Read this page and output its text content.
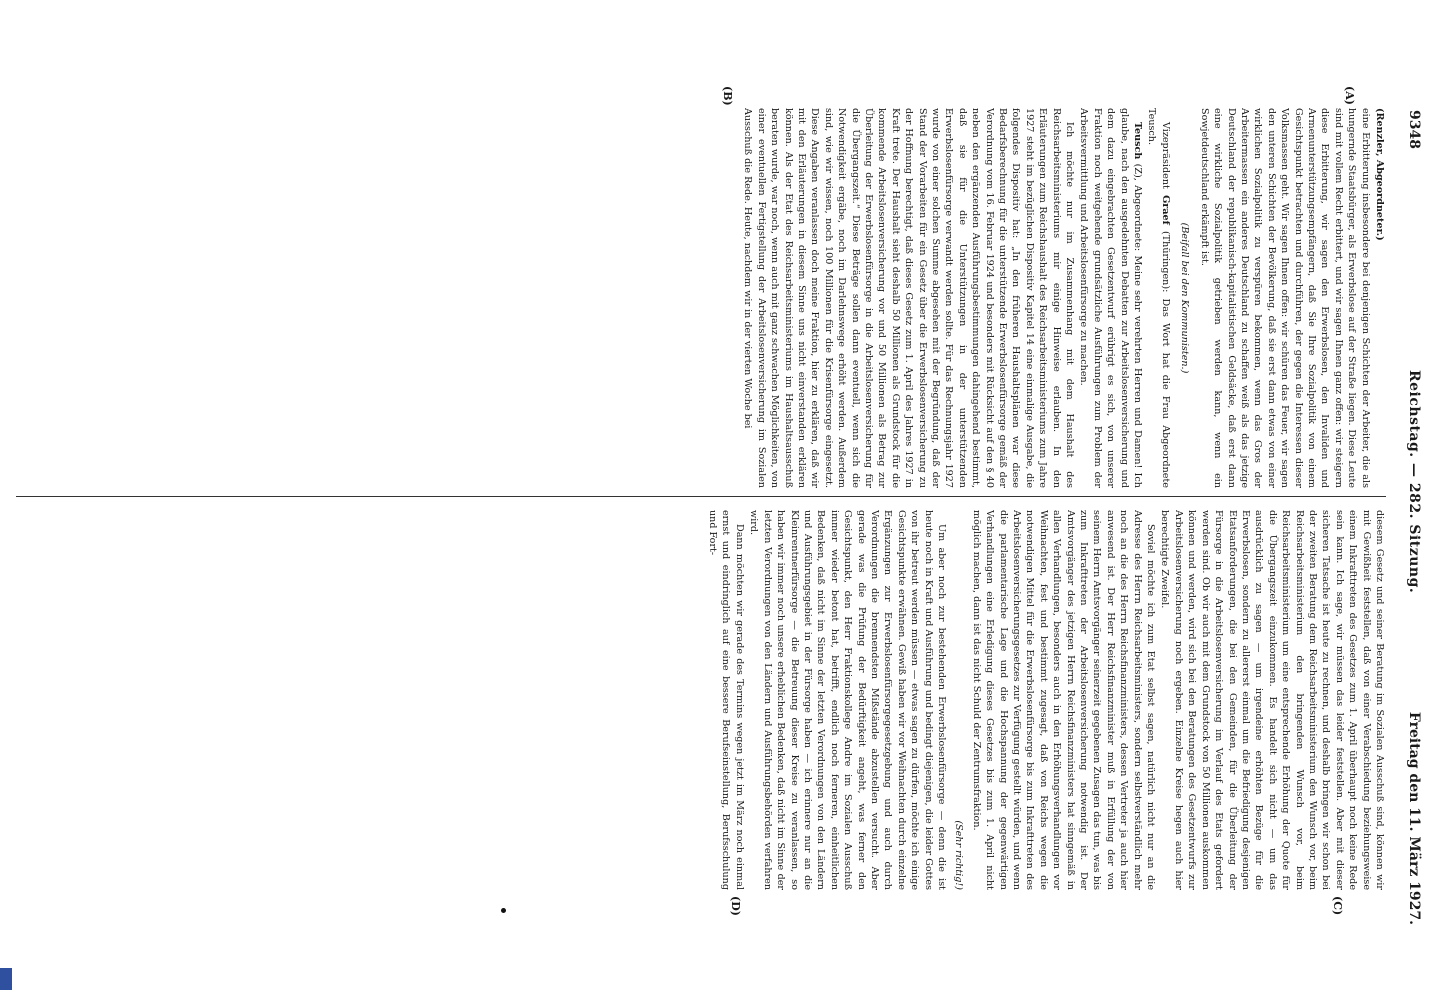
9348
Reichstag. — 282. Sitzung.
Freitag den 11. März 1927.
(A)
(B)
(C)
(D)

(Renzler, Abgeordneter.)

eine Erbitterung insbesondere bei denjenigen Schichten der Arbeiter, die als hungernde Staatsbürger, als Erwerbslose auf der Straße liegen. Diese Leute sind mit vollem Recht erbittert, und wir sagen Ihnen ganz offen: wir steigern diese Erbitterung, wir sagen den Erwerbslosen, den Invaliden und Armenunterstützungsempfängern, daß Sie Ihre Sozialpolitik von einem Gesichtspunkt betrachten und durchführen, der gegen die Interessen dieser Volksmassen geht. Wir sagen Ihnen offen: wir schüren das Feuer, wir sagen den unteren Schichten der Bevölkerung, daß sie erst dann etwas von einer wirklichen Sozialpolitik zu verspüren bekommen, wenn das Gros der Arbeitermassen ein anderes Deutschland zu schaffen weiß als das jetzige Deutschland der republikanisch-kapitalistischen Geldsäcke, daß erst dann eine wirkliche Sozialpolitik getrieben werden kann, wenn ein Sowjetdeutschland erkämpft ist.

(Beifall bei den Kommunisten.)

Vizepräsident Graef (Thüringen): Das Wort hat die Frau Abgeordnete Teusch.

Teusch (Z), Abgeordnete: Meine sehr verehrten Herren und Damen! Ich glaube, nach den ausgedehnten Debatten zur Arbeitslosenversicherung und dem dazu eingebrachten Gesetzentwurf erübrigt es sich, von unserer Fraktion noch weitgehende grundsätzliche Ausführungen zum Problem der Arbeitsvermittlung und Arbeitslosenfürsorge zu machen.

Ich möchte nur im Zusammenhang mit dem Haushalt des Reichsarbeitsministeriums mir einige Hinweise erlauben. In den Erläuterungen zum Reichshaushalt des Reichsarbeitsministeriums zum Jahre 1927 steht im bezüglichen Dispositiv Kapitel 14 eine einmalige Ausgabe, die folgendes Dispositiv hat: „In den früheren Haushaltsplänen war diese Bedarfsberechnung für die unterstützende Erwerbslosenfürsorge gemäß der Verordnung vom 16. Februar 1924 und besonders mit Rücksicht auf den § 40 neben den ergänzenden Ausführungsbestimmungen dahingehend bestimmt, daß sie für die Unterstützungen in der unterstützenden Erwerbslosenfürsorge verwandt werden sollte. Für das Rechnungsjahr 1927 wurde von einer solchen Summe abgesehen mit der Begründung, daß der Stand der Vorarbeiten für ein Gesetz über die Erwerbslosenversicherung zu der Hoffnung berechtigt, daß dieses Gesetz zum 1. April des Jahres 1927 in Kraft trete. Der Haushalt sieht deshalb 50 Millionen als Grundstock für die kommende Arbeitslosenversicherung vor und 50 Millionen als Betrag zur Überleitung der Erwerbslosenfürsorge in die Arbeitslosenversicherung für die Übergangszeit.“ Diese Beträge sollen dann eventuell, wenn sich die Notwendigkeit ergäbe, noch im Darlehnswege erhöht werden. Außerdem sind, wie wir wissen, noch 100 Millionen für die Krisenfürsorge eingesetzt. Diese Angaben veranlassen doch meine Fraktion, hier zu erklären, daß wir mit den Erläuterungen in diesem Sinne uns nicht einverstanden erklären können. Als der Etat des Reichsarbeitsministeriums im Haushaltsausschuß beraten wurde, war noch, wenn auch mit ganz schwachen Möglichkeiten, von einer eventuellen Fertigstellung der Arbeitslosenversicherung im Sozialen Ausschuß die Rede. Heute, nachdem wir in der vierten Woche bei

diesem Gesetz und seiner Beratung im Sozialen Ausschuß sind, können wir mit Gewißheit feststellen, daß von einer Verabschiedung beziehungsweise einem Inkrafttreten des Gesetzes zum 1. April überhaupt noch keine Rede sein kann. Ich sage, wir müssen das leider feststellen. Aber mit dieser sicheren Tatsache ist heute zu rechnen, und deshalb bringen wir schon bei der zweiten Beratung dem Reichsarbeitsministerium den Wunsch vor, beim Reichsarbeitsministerium den bringenden Wunsch vor, beim Reichsarbeitsministerium um eine entsprechende Erhöhung der Quote für die Übergangszeit einzukommen. Es handelt sich nicht — um das ausdrücklich zu sagen — um irgendeine erhöhten Bezüge für die Erwerbslosen, sondern zu allererst einmal um die Befriedigung desjenigen Etatsanforderungen, die bei den Gemeinden, für die Überleitung der Fürsorge in die Arbeitslosenversicherung im Verlauf des Etats gefordert werden sind. Ob wir auch mit dem Grundstock von 50 Millionen auskommen können und werden, wird sich bei den Beratungen des Gesetzentwurfs zur Arbeitslosenversicherung noch ergeben. Einzelne Kreise hegen auch hier berechtigte Zweifel.

Soviel möchte ich zum Etat selbst sagen, natürlich nicht nur an die Adresse des Herrn Reichsarbeitsministers, sondern selbstverständlich mehr noch an die des Herrn Reichsfinanzministers, dessen Vertreter ja auch hier anwesend ist. Der Herr Reichsfinanzminister muß in Erfüllung der von seinem Herrn Amtsvorgänger seinerzeit gegebenen Zusagen das tun, was bis zum Inkrafttreten der Arbeitslosenversicherung notwendig ist. Der Amtsvorgänger des jetzigen Herrn Reichsfinanzministers hat sinngemäß in allen Verhandlungen, besonders auch in den Erhöhungsverhandlungen vor Weihnachten, fest und bestimmt zugesagt, daß von Reichs wegen die notwendigen Mittel für die Erwerbslosenfürsorge bis zum Inkrafttreten des Arbeitslosenversicherungsgesetzes zur Verfügung gestellt würden, und wenn die parlamentarische Lage und die Hochspannung der gegenwärtigen Verhandlungen eine Erledigung dieses Gesetzes bis zum 1. April nicht möglich machen, dann ist das nicht Schuld der Zentrumsfraktion.

(Sehr richtig!)

Um aber noch zur bestehenden Erwerbslosenfürsorge — denn die ist heute noch in Kraft und Ausführung und bedingt diejenigen, die leider Gottes von ihr betreut werden müssen — etwas sagen zu dürfen, möchte ich einige Gesichtspunkte erwähnen. Gewiß haben wir vor Weihnachten durch einzelne Ergänzungen zur Erwerbslosenfürsorgegesetzgebung und auch durch Verordnungen die brennendsten Mißstände abzustellen versucht. Aber gerade was die Prüfung der Bedürftigkeit angeht, was ferner den Gesichtspunkt, den Herr Fraktionskollege Andre im Sozialen Ausschuß immer wieder betont hat, betrifft, endlich noch ferneren, einheitlichen Bedenken, daß nicht im Sinne der letzten Verordnungen von den Ländern und Ausführungsgebiet in der Fürsorge haben — ich erinnere nur an die Kleinrentnerfürsorge — die Betreuung dieser Kreise zu veranlassen, so haben wir immer noch unsere erheblichen Bedenken, daß nicht im Sinne der letzten Verordnungen von den Ländern und Ausführungsbehörden verfahren wird.

Dann möchten wir gerade des Termins wegen jetzt im März noch einmal ernst und eindringlich auf eine bessere Berufseinstellung, Berufsschulung und Fort-
